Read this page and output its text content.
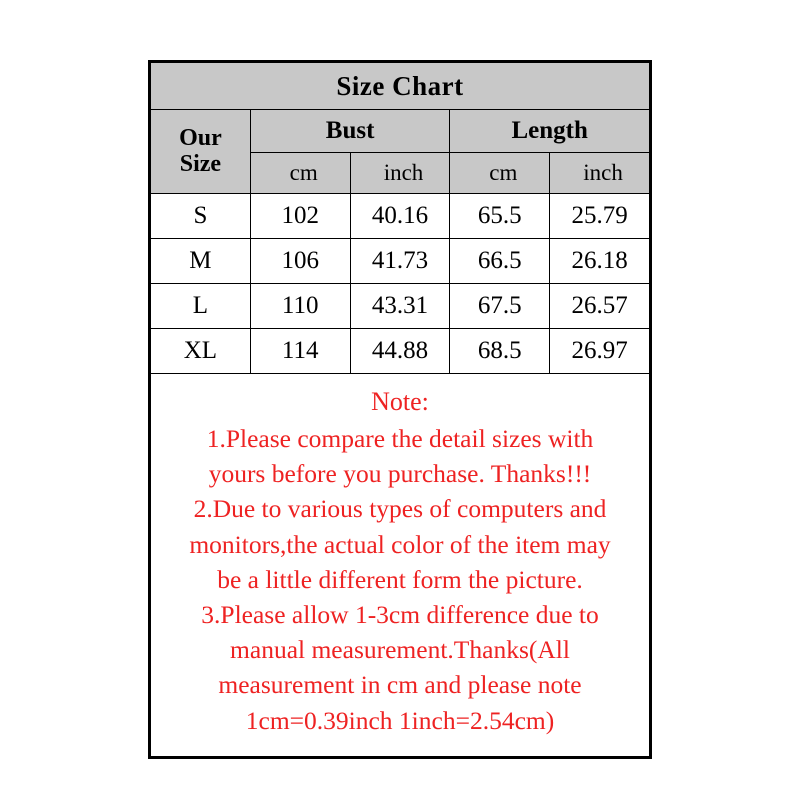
Size Chart				

Our
Size	Bust		Length	
	cm	inch	cm	inch
S	102	40.16	65.5	25.79
M	106	41.73	66.5	26.18
L	110	43.31	67.5	26.57
XL	114	44.88	68.5	26.97

Note:
1.Please compare the detail sizes with
yours before you purchase. Thanks!!!
2.Due to various types of computers and
monitors,the actual color of the item may
be a little different form the picture.
3.Please allow 1-3cm difference due to
manual measurement.Thanks(All
measurement in cm and please note
1cm=0.39inch 1inch=2.54cm)
